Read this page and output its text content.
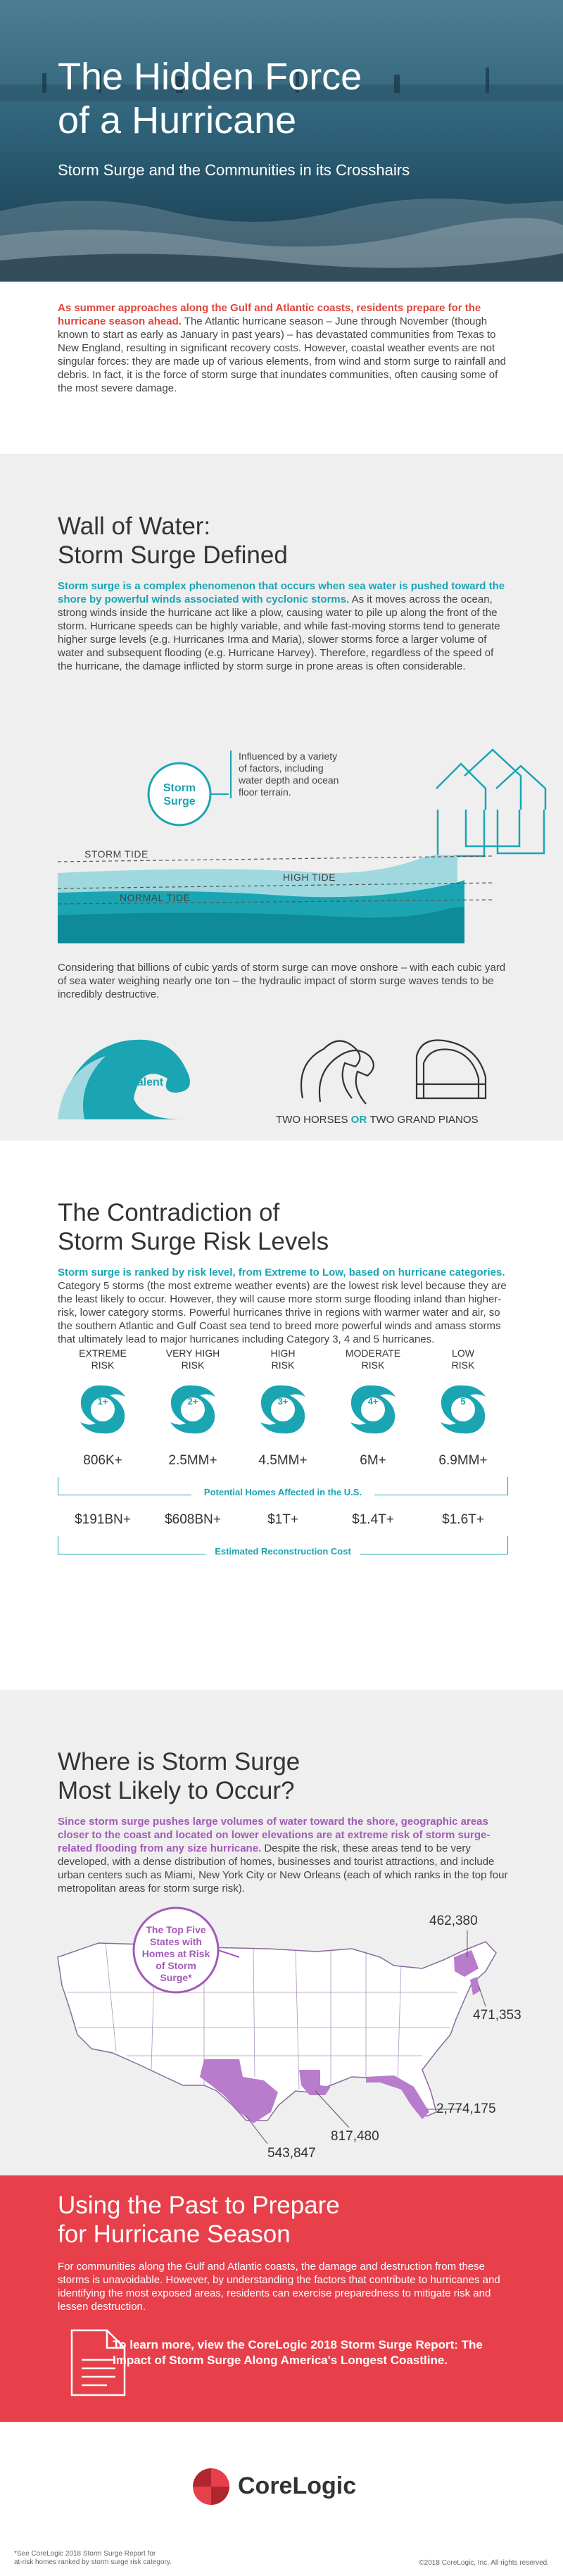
The Hidden Force
of a Hurricane
Storm Surge and the Communities in its Crosshairs

As summer approaches along the Gulf and Atlantic coasts, residents prepare for the hurricane season ahead. The Atlantic hurricane season – June through November (though known to start as early as January in past years) – has devastated communities from Texas to New England, resulting in significant recovery costs. However, coastal weather events are not singular forces: they are made up of various elements, from wind and storm surge to rainfall and debris. In fact, it is the force of storm surge that inundates communities, often causing some of the most severe damage.

Wall of Water:
Storm Surge Defined

Storm surge is a complex phenomenon that occurs when sea water is pushed toward the shore by powerful winds associated with cyclonic storms. As it moves across the ocean, strong winds inside the hurricane act like a plow, causing water to pile up along the front of the storm. Hurricane speeds can be highly variable, and while fast-moving storms tend to generate higher surge levels (e.g. Hurricanes Irma and Maria), slower storms force a larger volume of water and subsequent flooding (e.g. Hurricane Harvey). Therefore, regardless of the speed of the hurricane, the damage inflicted by storm surge in prone areas is often considerable.

Storm Surge
Influenced by a variety of factors, including water depth and ocean floor terrain.
STORM TIDE
HIGH TIDE
NORMAL TIDE

Considering that billions of cubic yards of storm surge can move onshore – with each cubic yard of sea water weighing nearly one ton – the hydraulic impact of storm surge waves tends to be incredibly destructive.

One ton of water is the equivalent of:
TWO HORSES OR TWO GRAND PIANOS
The Contradiction of
Storm Surge Risk Levels

Storm surge is ranked by risk level, from Extreme to Low, based on hurricane categories. Category 5 storms (the most extreme weather events) are the lowest risk level because they are the least likely to occur. However, they will cause more storm surge flooding inland than higher-risk, lower category storms. Powerful hurricanes thrive in regions with warmer water and air, so the southern Atlantic and Gulf Coast sea tend to breed more powerful winds and amass storms that ultimately lead to major hurricanes including Category 3, 4 and 5 hurricanes.

EXTREME
RISK
1+
806K+
$191BN+
VERY HIGH
RISK
2+
2.5MM+
$608BN+
HIGH
RISK
3+
4.5MM+
$1T+
MODERATE
RISK
4+
6M+
$1.4T+
LOW
RISK
5
6.9MM+
$1.6T+
Potential Homes Affected in the U.S.
Estimated Reconstruction Cost
Where is Storm Surge
Most Likely to Occur?

Since storm surge pushes large volumes of water toward the shore, geographic areas closer to the coast and located on lower elevations are at extreme risk of storm surge-related flooding from any size hurricane. Despite the risk, these areas tend to be very developed, with a dense distribution of homes, businesses and tourist attractions, and include urban centers such as Miami, New York City or New Orleans (each of which ranks in the top four metropolitan areas for storm surge risk).

The Top Five States with Homes at Risk of Storm Surge*
462,380
471,353
2,774,175
817,480
543,847
Using the Past to Prepare
for Hurricane Season

For communities along the Gulf and Atlantic coasts, the damage and destruction from these storms is unavoidable. However, by understanding the factors that contribute to hurricanes and identifying the most exposed areas, residents can exercise preparedness to mitigate risk and lessen destruction.

To learn more, view the CoreLogic 2018 Storm Surge Report: The Impact of Storm Surge Along America's Longest Coastline.
CoreLogic
*See CoreLogic 2018 Storm Surge Report for
at-risk homes ranked by storm surge risk category.	©2018 CoreLogic, Inc. All rights reserved.
